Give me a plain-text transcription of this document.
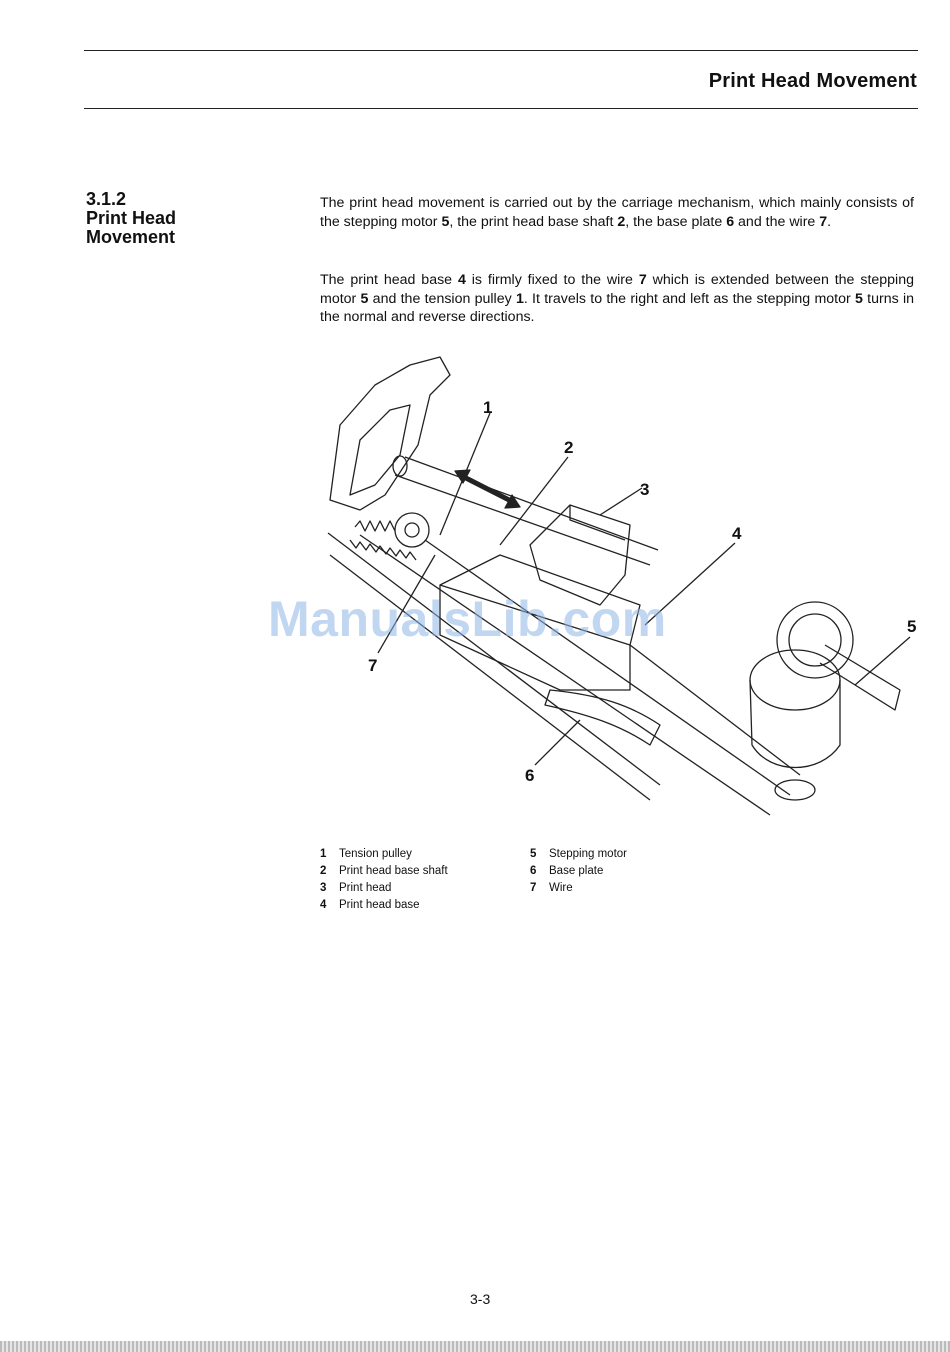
Print Head Movement
3.1.2
Print Head
Movement

The print head movement is carried out by the carriage mechanism, which mainly consists of the stepping motor 5, the print head base shaft 2, the base plate 6 and the wire 7.

The print head base 4 is firmly fixed to the wire 7 which is extended between the stepping motor 5 and the tension pulley 1. It travels to the right and left as the stepping motor 5 turns in the normal and reverse directions.

1
2
3
4
5
6
7
ManualsLib.com
1 Tension pulley
2 Print head base shaft
3 Print head
4 Print head base
5 Stepping motor
6 Base plate
7 Wire
3-3
